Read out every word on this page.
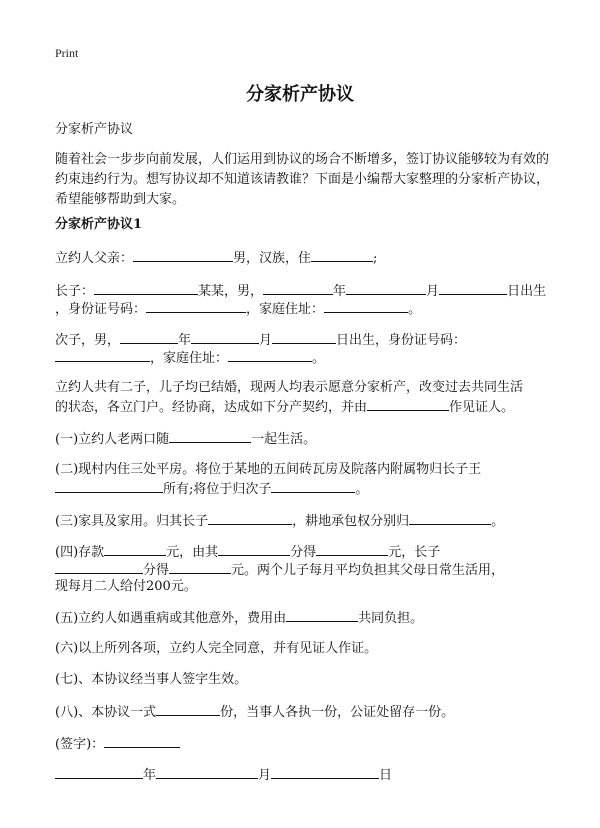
Print
分家析产协议
分家析产协议
随着社会一步步向前发展，人们运用到协议的场合不断增多，签订协议能够较为有效的约束违约行为。想写协议却不知道该请教谁？下面是小编帮大家整理的分家析产协议，希望能够帮助到大家。
分家析产协议1
立约人父亲：	男，汉族，住	;
长子：	某某，男，	年	月	日出生
，身份证号码：	，家庭住址：	。
次子，男，	年	月	日出生，身份证号码：
，家庭住址：	。
立约人共有二子，儿子均已结婚，现两人均表示愿意分家析产，改变过去共同生活
的状态，各立门户。经协商，达成如下分产契约，并由	作见证人。
(一)立约人老两口随	一起生活。
(二)现村内住三处平房。将位于某地的五间砖瓦房及院落内附属物归长子王
所有;将位于归次子	。
(三)家具及家用。归其长子	，耕地承包权分别归	。
(四)存款	元，由其	分得	元，长子
分得	元。两个儿子每月平均负担其父母日常生活用，
现每月二人给付200元。
(五)立约人如遇重病或其他意外，费用由	共同负担。
(六)以上所列各项，立约人完全同意，并有见证人作证。
(七)、本协议经当事人签字生效。
(八)、本协议一式	份，当事人各执一份，公证处留存一份。
(签字)：
年	月	日
